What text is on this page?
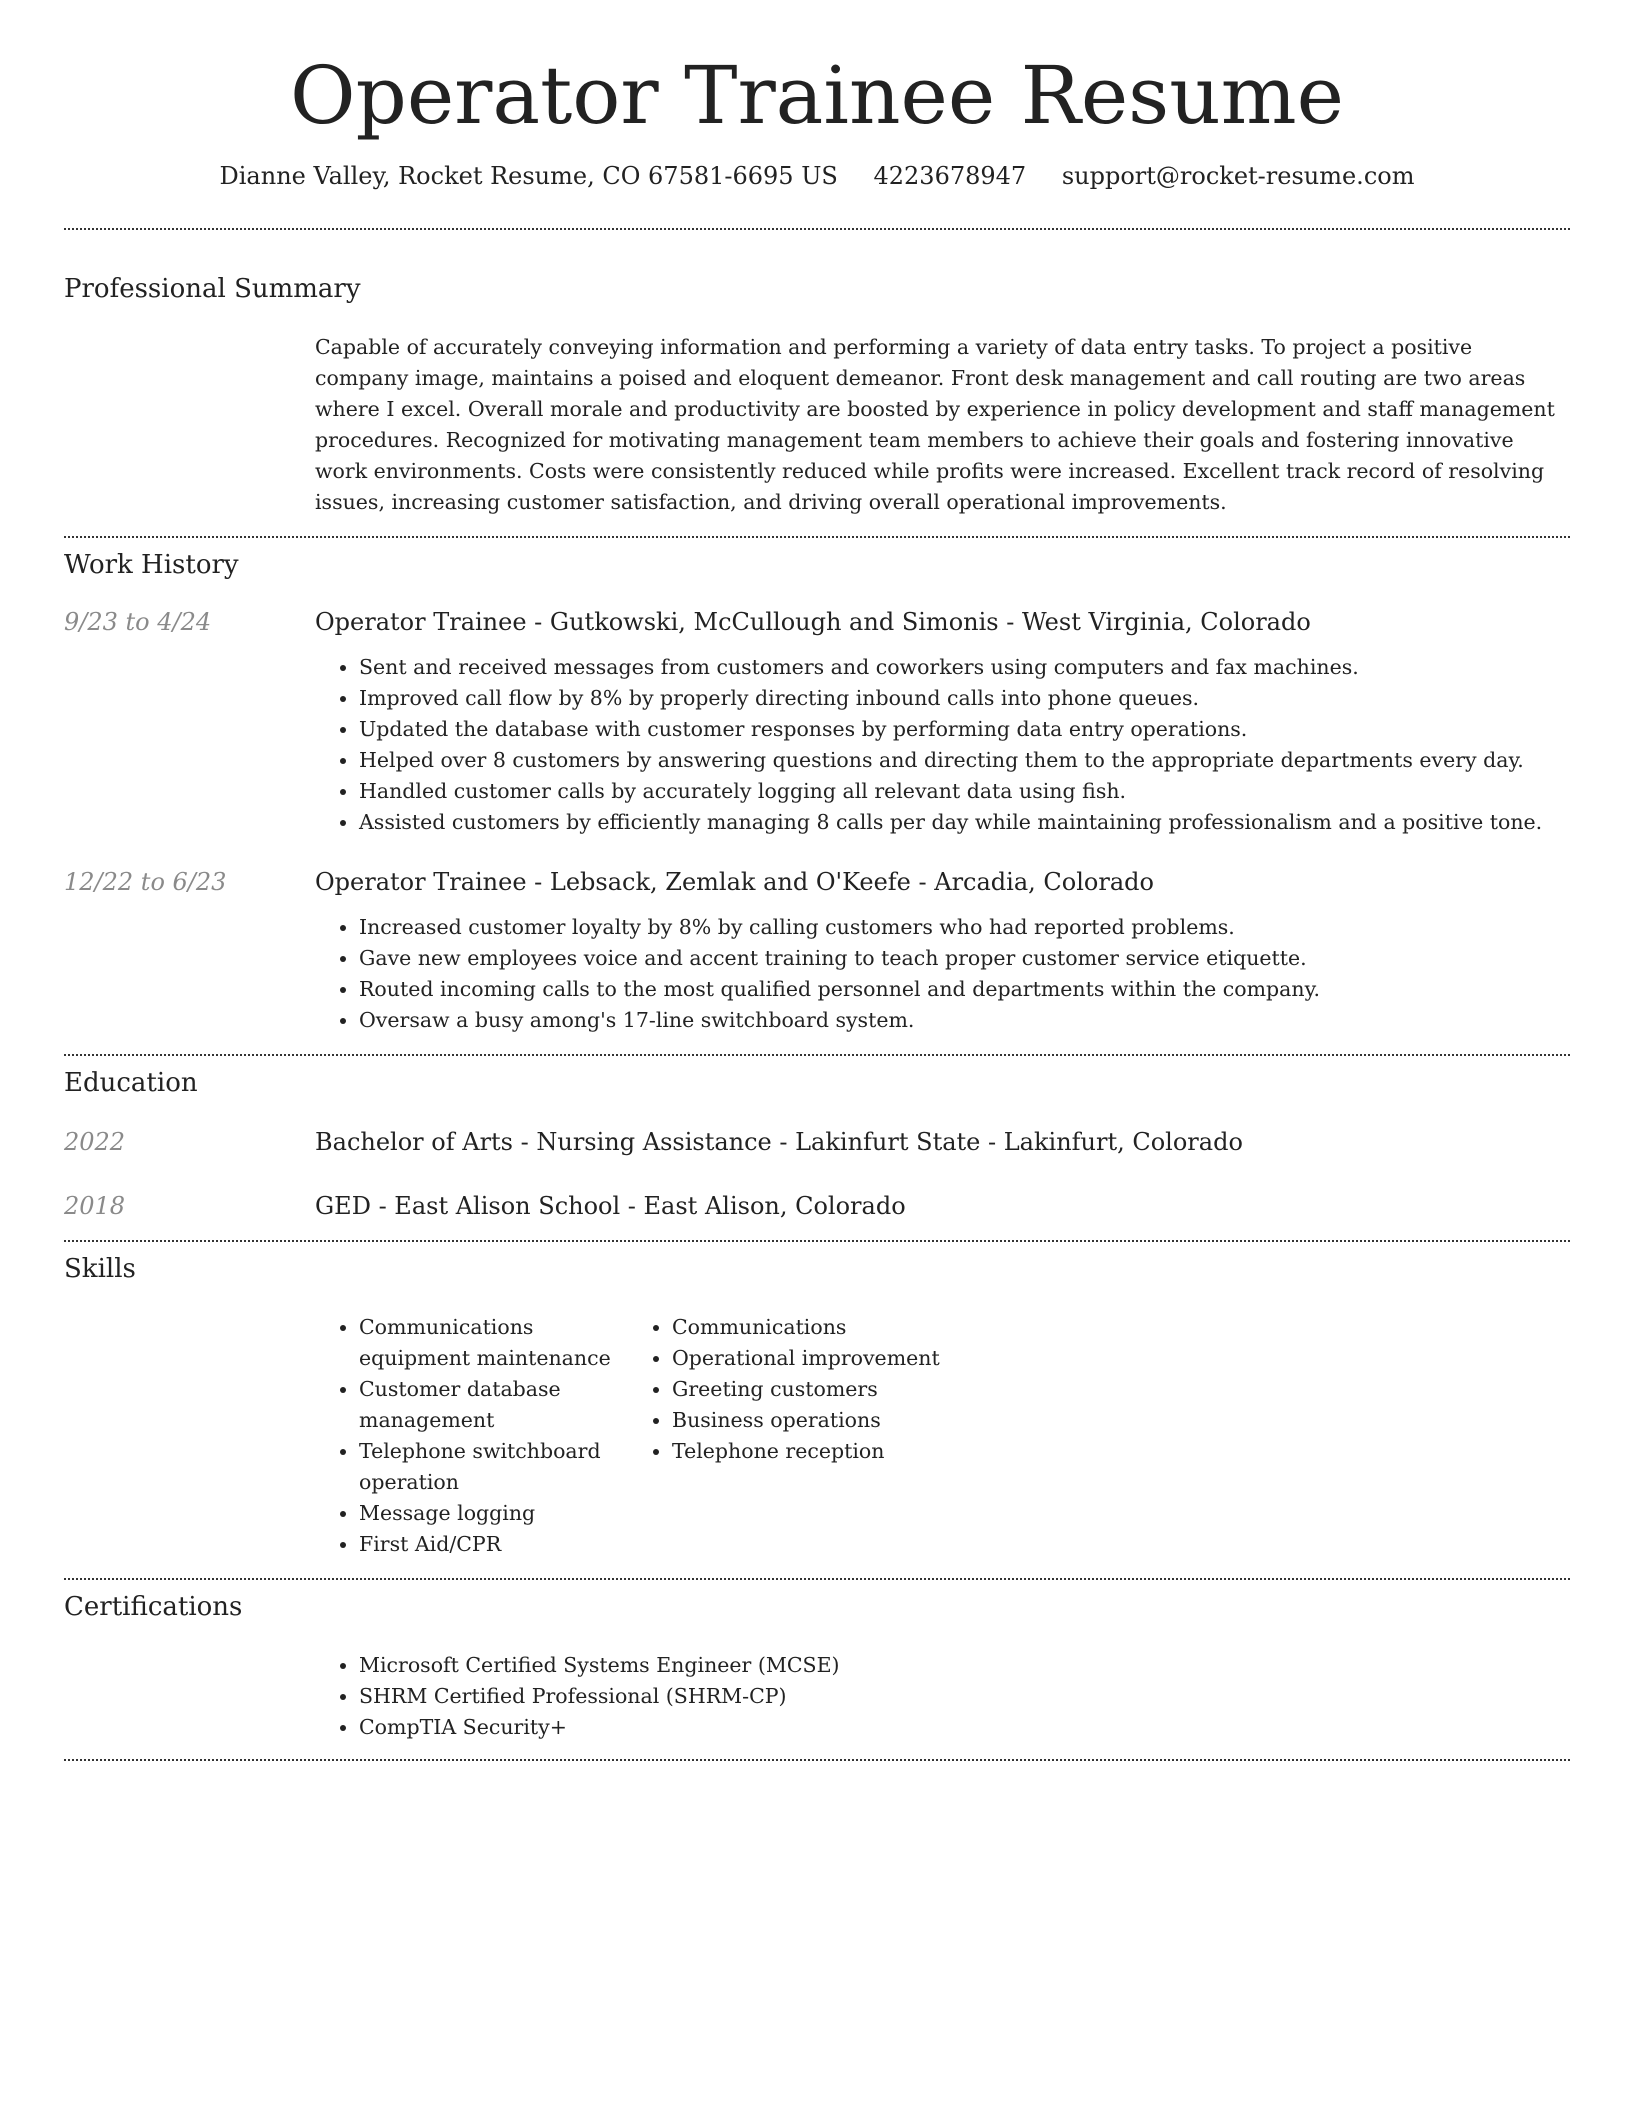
Operator Trainee Resume
Dianne Valley, Rocket Resume, CO 67581-6695 US 4223678947 support@rocket-resume.com
Professional Summary
Capable of accurately conveying information and performing a variety of data entry tasks. To project a positive company image, maintains a poised and eloquent demeanor. Front desk management and call routing are two areas where I excel. Overall morale and productivity are boosted by experience in policy development and staff management procedures. Recognized for motivating management team members to achieve their goals and fostering innovative work environments. Costs were consistently reduced while profits were increased. Excellent track record of resolving issues, increasing customer satisfaction, and driving overall operational improvements.
Work History
9/23 to 4/24	Operator Trainee - Gutkowski, McCullough and Simonis - West Virginia, Colorado
• Sent and received messages from customers and coworkers using computers and fax machines.
• Improved call flow by 8% by properly directing inbound calls into phone queues.
• Updated the database with customer responses by performing data entry operations.
• Helped over 8 customers by answering questions and directing them to the appropriate departments every day.
• Handled customer calls by accurately logging all relevant data using fish.
• Assisted customers by efficiently managing 8 calls per day while maintaining professionalism and a positive tone.
12/22 to 6/23	Operator Trainee - Lebsack, Zemlak and O'Keefe - Arcadia, Colorado
• Increased customer loyalty by 8% by calling customers who had reported problems.
• Gave new employees voice and accent training to teach proper customer service etiquette.
• Routed incoming calls to the most qualified personnel and departments within the company.
• Oversaw a busy among's 17-line switchboard system.
Education
2022	Bachelor of Arts - Nursing Assistance - Lakinfurt State - Lakinfurt, Colorado
2018	GED - East Alison School - East Alison, Colorado
Skills
• Communications equipment maintenance
• Customer database management
• Telephone switchboard operation
• Message logging
• First Aid/CPR
• Communications
• Operational improvement
• Greeting customers
• Business operations
• Telephone reception
Certifications
• Microsoft Certified Systems Engineer (MCSE)
• SHRM Certified Professional (SHRM-CP)
• CompTIA Security+
